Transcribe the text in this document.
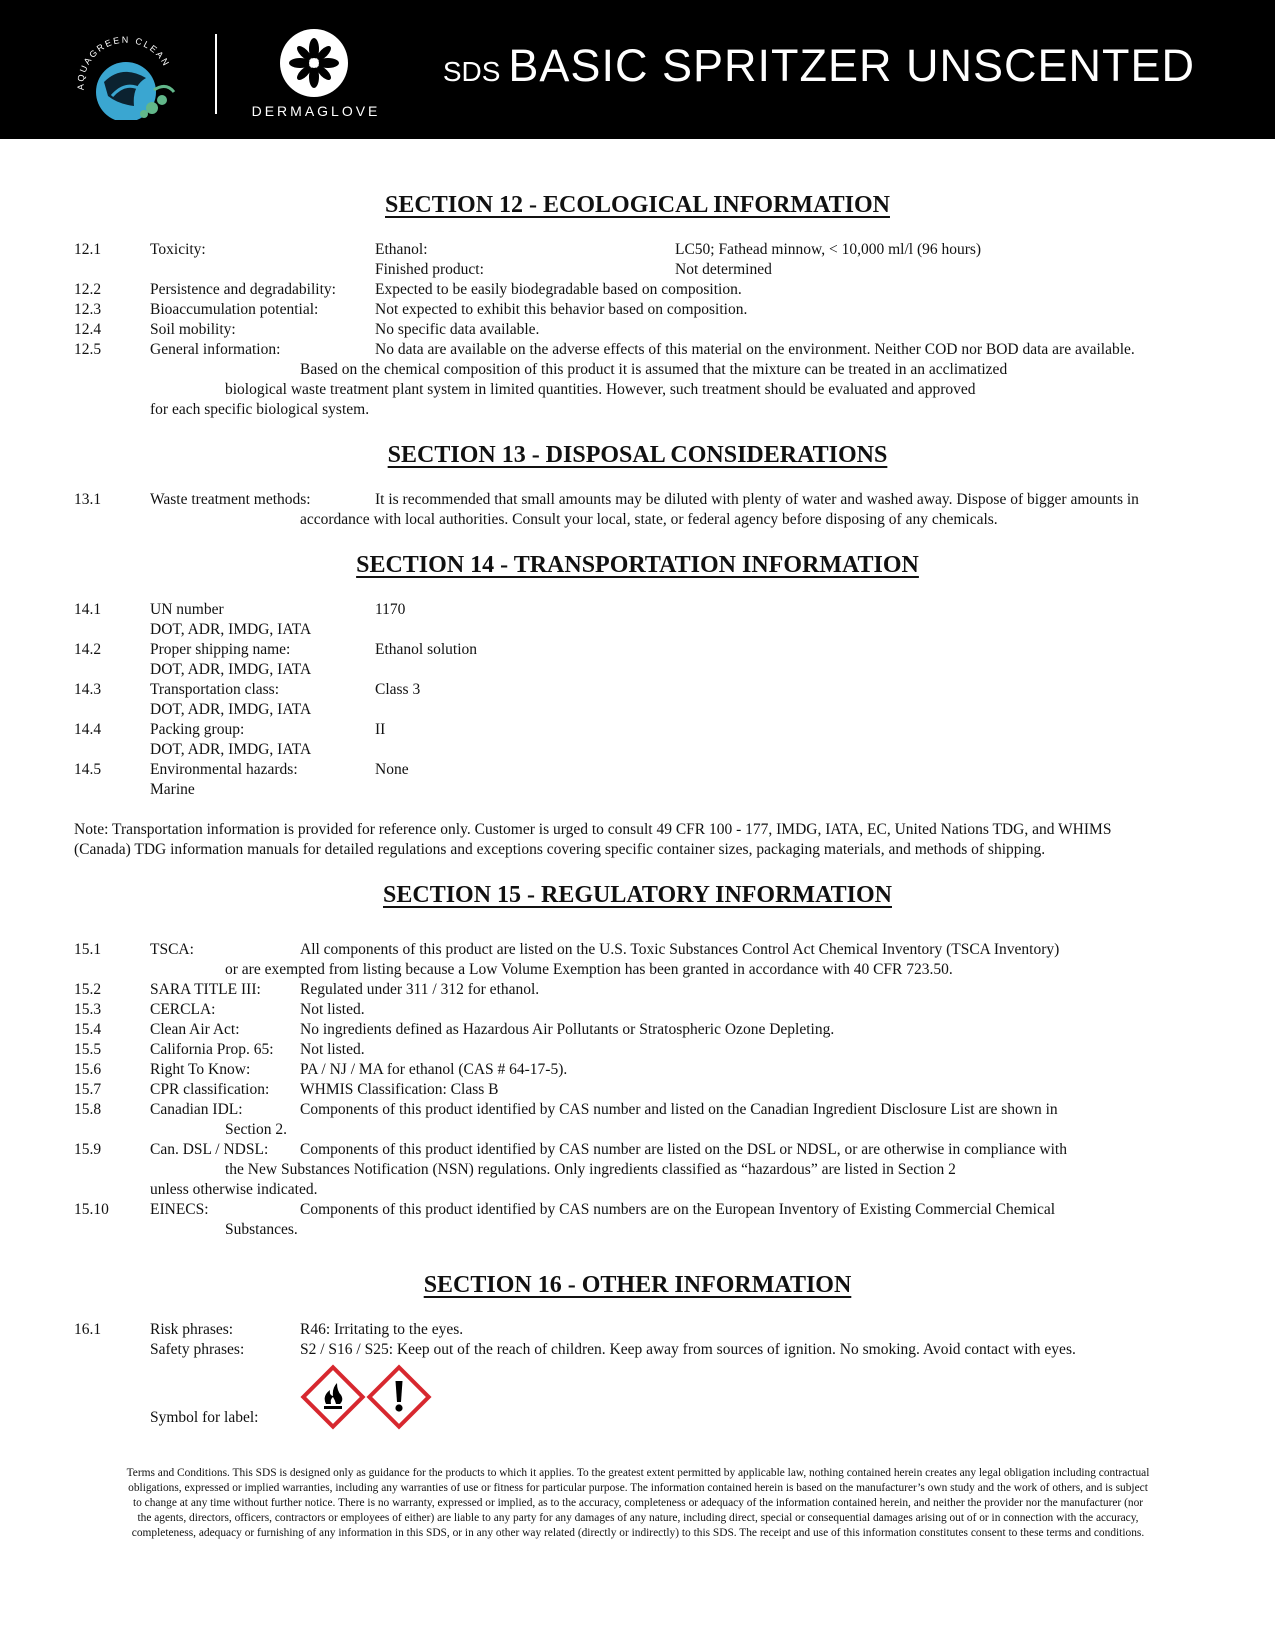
AQUAGREEN CLEAN
DERMAGLOVE
SDS BASIC SPRITZER UNSCENTED
SECTION 12 - ECOLOGICAL INFORMATION
12.1	Toxicity:	Ethanol:	LC50; Fathead minnow, < 10,000 ml/l (96 hours)
Finished product:	Not determined
12.2	Persistence and degradability:	Expected to be easily biodegradable based on composition.
12.3	Bioaccumulation potential:	Not expected to exhibit this behavior based on composition.
12.4	Soil mobility:	No specific data available.
12.5	General information:	No data are available on the adverse effects of this material on the environment. Neither COD nor BOD data are available.
Based on the chemical composition of this product it is assumed that the mixture can be treated in an acclimatized
biological waste treatment plant system in limited quantities. However, such treatment should be evaluated and approved
for each specific biological system.
SECTION 13 - DISPOSAL CONSIDERATIONS
13.1	Waste treatment methods:	It is recommended that small amounts may be diluted with plenty of water and washed away. Dispose of bigger amounts in
accordance with local authorities. Consult your local, state, or federal agency before disposing of any chemicals.
SECTION 14 - TRANSPORTATION INFORMATION
14.1	UN number	1170
DOT, ADR, IMDG, IATA
14.2	Proper shipping name:	Ethanol solution
DOT, ADR, IMDG, IATA
14.3	Transportation class:	Class 3
DOT, ADR, IMDG, IATA
14.4	Packing group:	II
DOT, ADR, IMDG, IATA
14.5	Environmental hazards:	None
Marine
Note: Transportation information is provided for reference only. Customer is urged to consult 49 CFR 100 - 177, IMDG, IATA, EC, United Nations TDG, and WHIMS
(Canada) TDG information manuals for detailed regulations and exceptions covering specific container sizes, packaging materials, and methods of shipping.
SECTION 15 - REGULATORY INFORMATION
15.1	TSCA:	All components of this product are listed on the U.S. Toxic Substances Control Act Chemical Inventory (TSCA Inventory)
or are exempted from listing because a Low Volume Exemption has been granted in accordance with 40 CFR 723.50.
15.2	SARA TITLE III:	Regulated under 311 / 312 for ethanol.
15.3	CERCLA:	Not listed.
15.4	Clean Air Act:	No ingredients defined as Hazardous Air Pollutants or Stratospheric Ozone Depleting.
15.5	California Prop. 65: Not listed.
15.6	Right To Know:	PA / NJ / MA for ethanol (CAS # 64-17-5).
15.7	CPR classification: WHMIS Classification: Class B
15.8	Canadian IDL:	Components of this product identified by CAS number and listed on the Canadian Ingredient Disclosure List are shown in
Section 2.
15.9	Can. DSL / NDSL: Components of this product identified by CAS number are listed on the DSL or NDSL, or are otherwise in compliance with
the New Substances Notification (NSN) regulations. Only ingredients classified as “hazardous” are listed in Section 2
unless otherwise indicated.
15.10	EINECS:	Components of this product identified by CAS numbers are on the European Inventory of Existing Commercial Chemical
Substances.
SECTION 16 - OTHER INFORMATION
16.1	Risk phrases:	R46: Irritating to the eyes.
Safety phrases:	S2 / S16 / S25: Keep out of the reach of children. Keep away from sources of ignition. No smoking. Avoid contact with eyes.
Symbol for label:
Terms and Conditions. This SDS is designed only as guidance for the products to which it applies. To the greatest extent permitted by applicable law, nothing contained herein creates any legal obligation including contractual
obligations, expressed or implied warranties, including any warranties of use or fitness for particular purpose. The information contained herein is based on the manufacturer’s own study and the work of others, and is subject
to change at any time without further notice. There is no warranty, expressed or implied, as to the accuracy, completeness or adequacy of the information contained herein, and neither the provider nor the manufacturer (nor
the agents, directors, officers, contractors or employees of either) are liable to any party for any damages of any nature, including direct, special or consequential damages arising out of or in connection with the accuracy,
completeness, adequacy or furnishing of any information in this SDS, or in any other way related (directly or indirectly) to this SDS. The receipt and use of this information constitutes consent to these terms and conditions.
